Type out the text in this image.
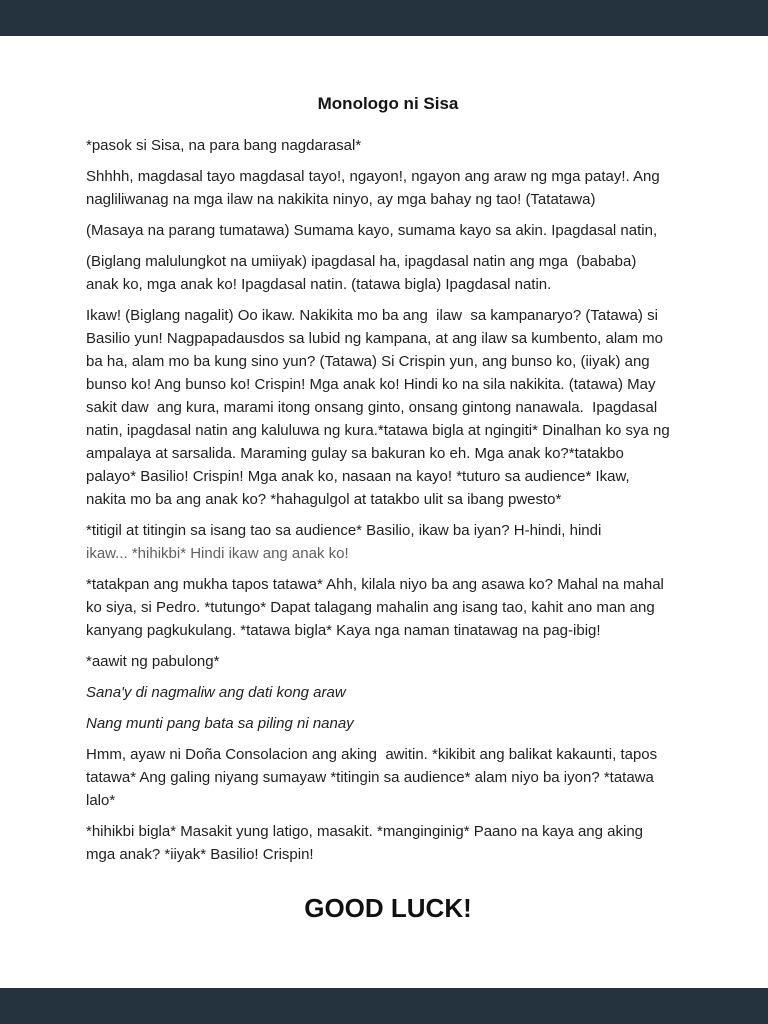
Monologo ni Sisa
*pasok si Sisa, na para bang nagdarasal*
Shhhh, magdasal tayo magdasal tayo!, ngayon!, ngayon ang araw ng mga patay!. Ang
nagliliwanag na mga ilaw na nakikita ninyo, ay mga bahay ng tao! (Tatatawa)
(Masaya na parang tumatawa) Sumama kayo, sumama kayo sa akin. Ipagdasal natin,
(Biglang malulungkot na umiiyak) ipagdasal ha, ipagdasal natin ang mga  (bababa)
anak ko, mga anak ko! Ipagdasal natin. (tatawa bigla) Ipagdasal natin.
Ikaw! (Biglang nagalit) Oo ikaw. Nakikita mo ba ang  ilaw  sa kampanaryo? (Tatawa) si
Basilio yun! Nagpapadausdos sa lubid ng kampana, at ang ilaw sa kumbento, alam mo
ba ha, alam mo ba kung sino yun? (Tatawa) Si Crispin yun, ang bunso ko, (iiyak) ang
bunso ko! Ang bunso ko! Crispin! Mga anak ko! Hindi ko na sila nakikita. (tatawa) May
sakit daw  ang kura, marami itong onsang ginto, onsang gintong nanawala.  Ipagdasal
natin, ipagdasal natin ang kaluluwa ng kura.*tatawa bigla at ngingiti* Dinalhan ko sya ng
ampalaya at sarsalida. Maraming gulay sa bakuran ko eh. Mga anak ko?*tatakbo
palayo* Basilio! Crispin! Mga anak ko, nasaan na kayo! *tuturo sa audience* Ikaw,
nakita mo ba ang anak ko? *hahagulgol at tatakbo ulit sa ibang pwesto*
*titigil at titingin sa isang tao sa audience* Basilio, ikaw ba iyan? H-hindi, hindi
ikaw... *hihikbi* Hindi ikaw ang anak ko!
*tatakpan ang mukha tapos tatawa* Ahh, kilala niyo ba ang asawa ko? Mahal na mahal
ko siya, si Pedro. *tutungo* Dapat talagang mahalin ang isang tao, kahit ano man ang
kanyang pagkukulang. *tatawa bigla* Kaya nga naman tinatawag na pag-ibig!
*aawit ng pabulong*
Sana'y di nagmaliw ang dati kong araw
Nang munti pang bata sa piling ni nanay
Hmm, ayaw ni Doña Consolacion ang aking  awitin. *kikibit ang balikat kakaunti, tapos
tatawa* Ang galing niyang sumayaw *titingin sa audience* alam niyo ba iyon? *tatawa
lalo*
*hihikbi bigla* Masakit yung latigo, masakit. *manginginig* Paano na kaya ang aking
mga anak? *iiyak* Basilio! Crispin!
GOOD LUCK!
